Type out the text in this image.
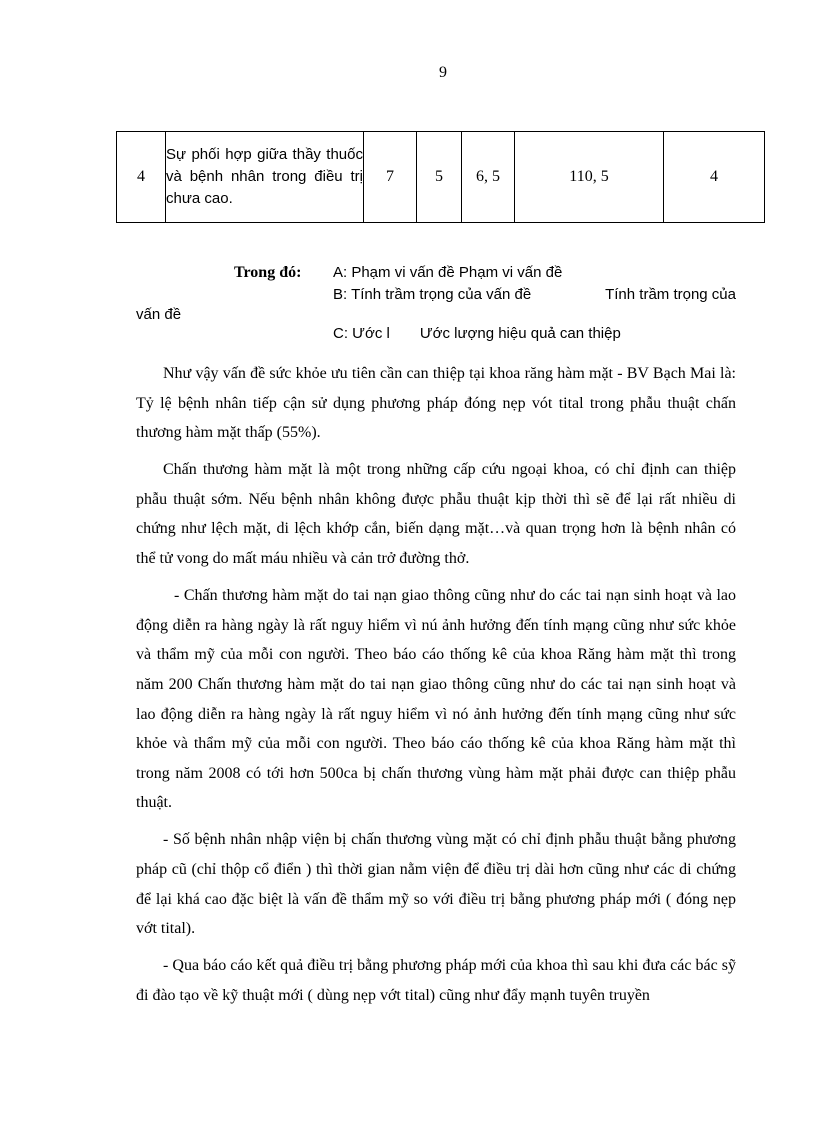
9
4	Sự phối hợp giữa thầy thuốc và bệnh nhân trong điều trị chưa cao.	7	5	6, 5	110, 5	4
Trong đó: A: Phạm vi vấn đề Phạm vi vấn đề
B: Tính trầm trọng của vấn đề	Tính trầm trọng của
vấn đề
C: Ước l Ước lượng hiệu quả can thiệp

Như vậy vấn đề sức khỏe ưu tiên cần can thiệp tại khoa răng hàm mặt - BV Bạch Mai là: Tỷ lệ bệnh nhân tiếp cận sử dụng phương pháp đóng nẹp vót tital trong phẫu thuật chấn thương hàm mặt thấp (55%).

Chấn thương hàm mặt là một trong những cấp cứu ngoại khoa, có chỉ định can thiệp phẫu thuật sớm. Nếu bệnh nhân không được phẫu thuật kịp thời thì sẽ để lại rất nhiều di chứng như lệch mặt, di lệch khớp cắn, biến dạng mặt…và quan trọng hơn là bệnh nhân có thể tử vong do mất máu nhiều và cản trở đường thở.

- Chấn thương hàm mặt do tai nạn giao thông cũng như do các tai nạn sinh hoạt và lao động diễn ra hàng ngày là rất nguy hiểm vì nú ảnh hưởng đến tính mạng cũng như sức khỏe và thẩm mỹ của mỗi con người. Theo báo cáo thống kê của khoa Răng hàm mặt thì trong năm 200 Chấn thương hàm mặt do tai nạn giao thông cũng như do các tai nạn sinh hoạt và lao động diễn ra hàng ngày là rất nguy hiểm vì nó ảnh hưởng đến tính mạng cũng như sức khỏe và thẩm mỹ của mỗi con người. Theo báo cáo thống kê của khoa Răng hàm mặt thì trong năm 2008 có tới hơn 500ca bị chấn thương vùng hàm mặt phải được can thiệp phẫu thuật.

- Số bệnh nhân nhập viện bị chấn thương vùng mặt có chỉ định phẫu thuật bằng phương pháp cũ (chỉ thộp cổ điển ) thì thời gian nằm viện để điều trị dài hơn cũng như các di chứng để lại khá cao đặc biệt là vấn đề thẩm mỹ so với điều trị bằng phương pháp mới ( đóng nẹp vớt tital).

- Qua báo cáo kết quả điều trị bằng phương pháp mới của khoa thì sau khi đưa các bác sỹ đi đào tạo về kỹ thuật mới ( dùng nẹp vớt tital) cũng như đẩy mạnh tuyên truyền
